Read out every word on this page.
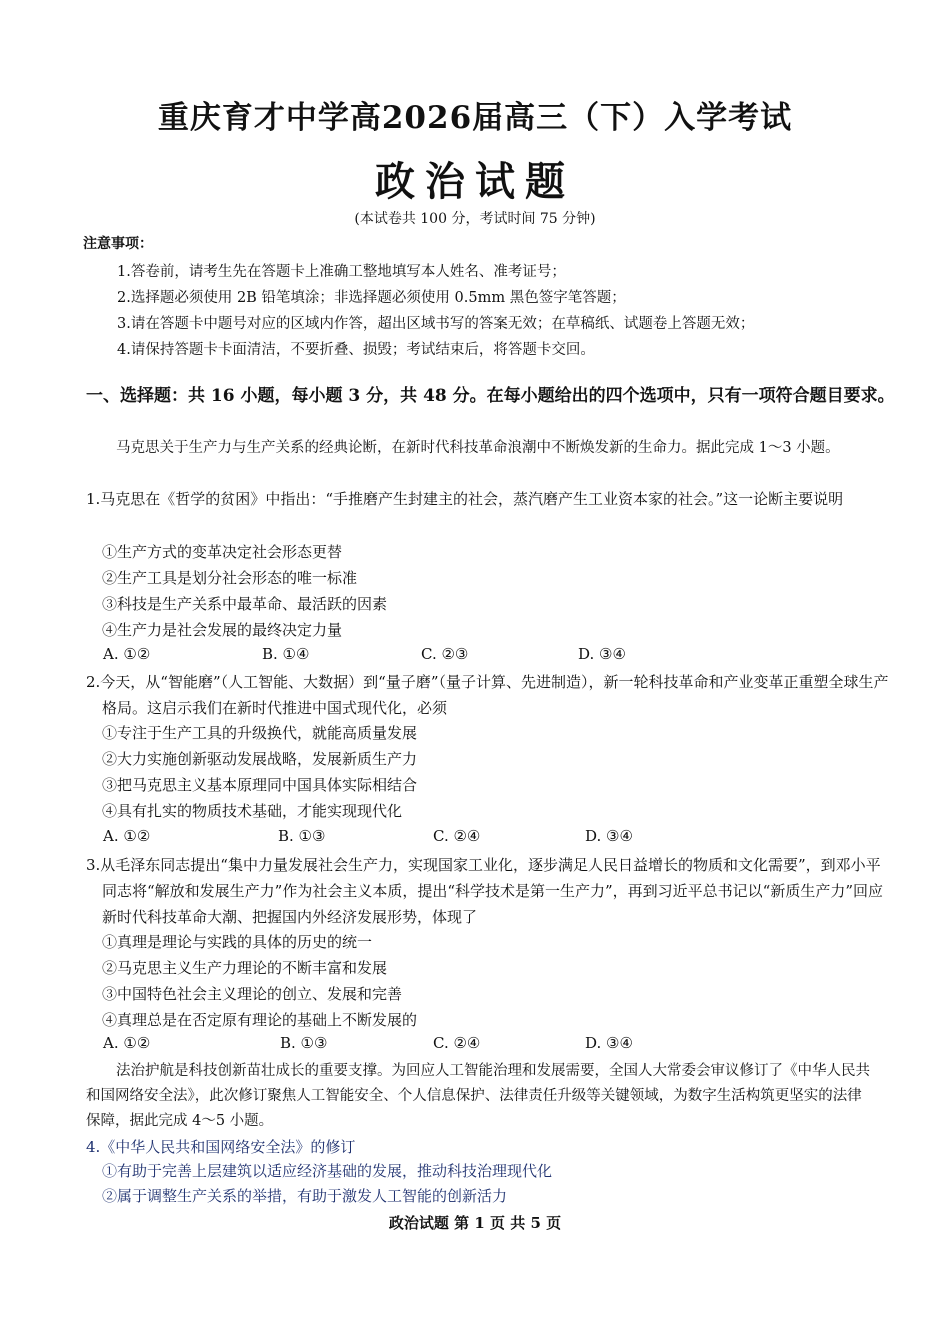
重庆育才中学高2026届高三（下）入学考试
政治试题
(本试卷共 100 分，考试时间 75 分钟)
注意事项：
1.答卷前，请考生先在答题卡上准确工整地填写本人姓名、准考证号；
2.选择题必须使用 2B 铅笔填涂；非选择题必须使用 0.5mm 黑色签字笔答题；
3.请在答题卡中题号对应的区域内作答，超出区域书写的答案无效；在草稿纸、试题卷上答题无效；
4.请保持答题卡卡面清洁，不要折叠、损毁；考试结束后，将答题卡交回。
一、选择题：共 16 小题，每小题 3 分，共 48 分。在每小题给出的四个选项中，只有一项符合题目要求。
马克思关于生产力与生产关系的经典论断，在新时代科技革命浪潮中不断焕发新的生命力。据此完成 1～3 小题。
1.马克思在《哲学的贫困》中指出：“手推磨产生封建主的社会，蒸汽磨产生工业资本家的社会。”这一论断主要说明
①生产方式的变革决定社会形态更替
②生产工具是划分社会形态的唯一标准
③科技是生产关系中最革命、最活跃的因素
④生产力是社会发展的最终决定力量
A. ①②	B. ①④	C. ②③	D. ③④
2.今天，从“智能磨”（人工智能、大数据）到“量子磨”（量子计算、先进制造），新一轮科技革命和产业变革正重塑全球生产格局。这启示我们在新时代推进中国式现代化，必须
①专注于生产工具的升级换代，就能高质量发展
②大力实施创新驱动发展战略，发展新质生产力
③把马克思主义基本原理同中国具体实际相结合
④具有扎实的物质技术基础，才能实现现代化
A. ①②	B. ①③	C. ②④	D. ③④
3.从毛泽东同志提出“集中力量发展社会生产力，实现国家工业化，逐步满足人民日益增长的物质和文化需要”，到邓小平同志将“解放和发展生产力”作为社会主义本质，提出“科学技术是第一生产力”，再到习近平总书记以“新质生产力”回应新时代科技革命大潮、把握国内外经济发展形势，体现了
①真理是理论与实践的具体的历史的统一
②马克思主义生产力理论的不断丰富和发展
③中国特色社会主义理论的创立、发展和完善
④真理总是在否定原有理论的基础上不断发展的
A. ①②	B. ①③	C. ②④	D. ③④
法治护航是科技创新苗壮成长的重要支撑。为回应人工智能治理和发展需要，全国人大常委会审议修订了《中华人民共和国网络安全法》，此次修订聚焦人工智能安全、个人信息保护、法律责任升级等关键领域，为数字生活构筑更坚实的法律保障，据此完成 4～5 小题。
4.《中华人民共和国网络安全法》的修订
①有助于完善上层建筑以适应经济基础的发展，推动科技治理现代化
②属于调整生产关系的举措，有助于激发人工智能的创新活力
政治试题 第 1 页 共 5 页
